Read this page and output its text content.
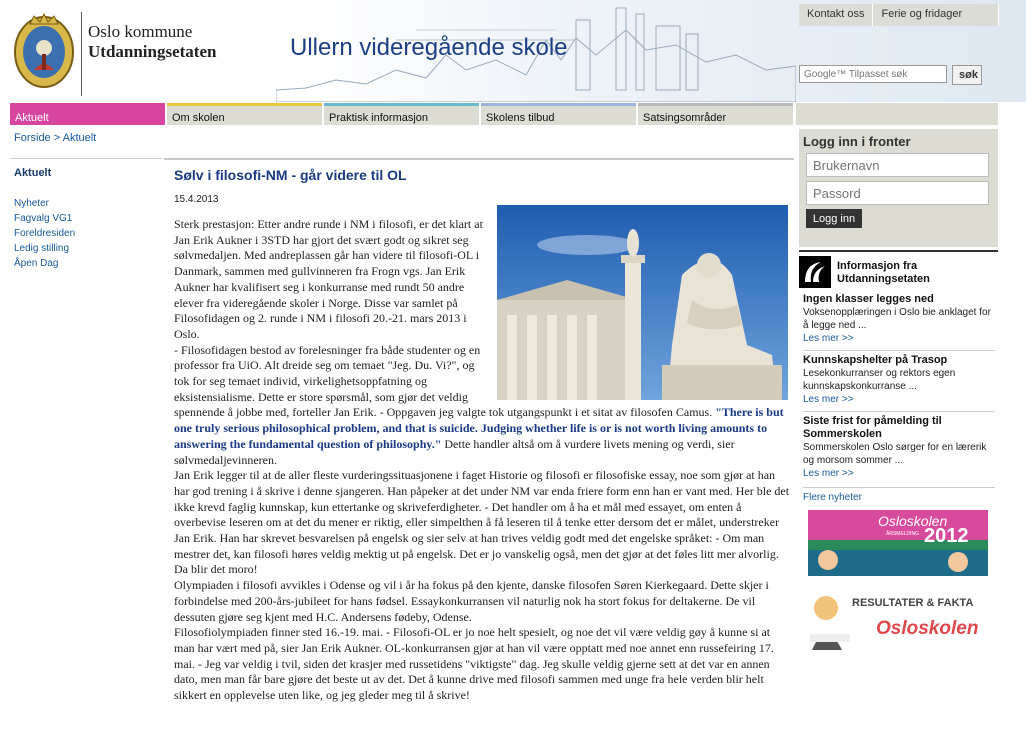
Oslo kommune
Utdanningsetaten	Ullern videregående skole
Kontakt oss	Ferie og fridager
Google™ Tilpasset søk
søk
Aktuelt	Om skolen	Praktisk informasjon	Skolens tilbud	Satsingsområder
Forside > Aktuelt
Aktuelt
Nyheter
Fagvalg VG1
Foreldresiden
Ledig stilling
Åpen Dag
Sølv i filosofi-NM - går videre til OL
15.4.2013
Sterk prestasjon: Etter andre runde i NM i filosofi, er det klart at Jan Erik Aukner i 3STD har gjort det svært godt og sikret seg sølvmedaljen. Med andreplassen går han videre til filosofi-OL i Danmark, sammen med gullvinneren fra Frogn vgs. Jan Erik Aukner har kvalifisert seg i konkurranse med rundt 50 andre elever fra videregående skoler i Norge. Disse var samlet på Filosofidagen og 2. runde i NM i filosofi 20.-21. mars 2013 i Oslo.
- Filosofidagen bestod av forelesninger fra både studenter og en professor fra UiO. Alt dreide seg om temaet "Jeg. Du. Vi?", og tok for seg temaet individ, virkelighetsoppfatning og eksistensialisme. Dette er store spørsmål, som gjør det veldig spennende å jobbe med, forteller Jan Erik. - Oppgaven jeg valgte tok utgangspunkt i et sitat av filosofen Camus. "There is but one truly serious philosophical problem, and that is suicide. Judging whether life is or is not worth living amounts to answering the fundamental question of philosophy." Dette handler altså om å vurdere livets mening og verdi, sier sølvmedaljevinneren.
Jan Erik legger til at de aller fleste vurderingssituasjonene i faget Historie og filosofi er filosofiske essay, noe som gjør at han har god trening i å skrive i denne sjangeren. Han påpeker at det under NM var enda friere form enn han er vant med. Her ble det ikke krevd faglig kunnskap, kun ettertanke og skriveferdigheter. - Det handler om å ha et mål med essayet, om enten å overbevise leseren om at det du mener er riktig, eller simpelthen å få leseren til å tenke etter dersom det er målet, understreker Jan Erik. Han har skrevet besvarelsen på engelsk og sier selv at han trives veldig godt med det engelske språket: - Om man mestrer det, kan filosofi høres veldig mektig ut på engelsk. Det er jo vanskelig også, men det gjør at det føles litt mer alvorlig. Da blir det moro!
Olympiaden i filosofi avvikles i Odense og vil i år ha fokus på den kjente, danske filosofen Søren Kierkegaard. Dette skjer i forbindelse med 200-års-jubileet for hans fødsel. Essaykonkurransen vil naturlig nok ha stort fokus for deltakerne. De vil dessuten gjøre seg kjent med H.C. Andersens fødeby, Odense.
Filosofiolympiaden finner sted 16.-19. mai. - Filosofi-OL er jo noe helt spesielt, og noe det vil være veldig gøy å kunne si at man har vært med på, sier Jan Erik Aukner. OL-konkurransen gjør at han vil være opptatt med noe annet enn russefeiring 17. mai. - Jeg var veldig i tvil, siden det krasjer med russetidens "viktigste" dag. Jeg skulle veldig gjerne sett at det var en annen dato, men man får bare gjøre det beste ut av det. Det å kunne drive med filosofi sammen med unge fra hele verden blir helt sikkert en opplevelse uten like, og jeg gleder meg til å skrive!
Logg inn i fronter
Brukernavn
Passord
Logg inn
Informasjon fra
Utdanningsetaten
Ingen klasser legges ned
Voksenopplæringen i Oslo bie anklaget for å legge ned ...
Les mer >>
Kunnskapshelter på Trasop
Lesekonkurranser og rektors egen kunnskapskonkurranse ...
Les mer >>
Siste frist for påmelding til Sommerskolen
Sommerskolen Oslo sørger for en lærerik og morsom sommer ...
Les mer >>
Flere nyheter
Osloskolen
ÅRSMELDING 2012
RESULTATER & FAKTA
Osloskolen
